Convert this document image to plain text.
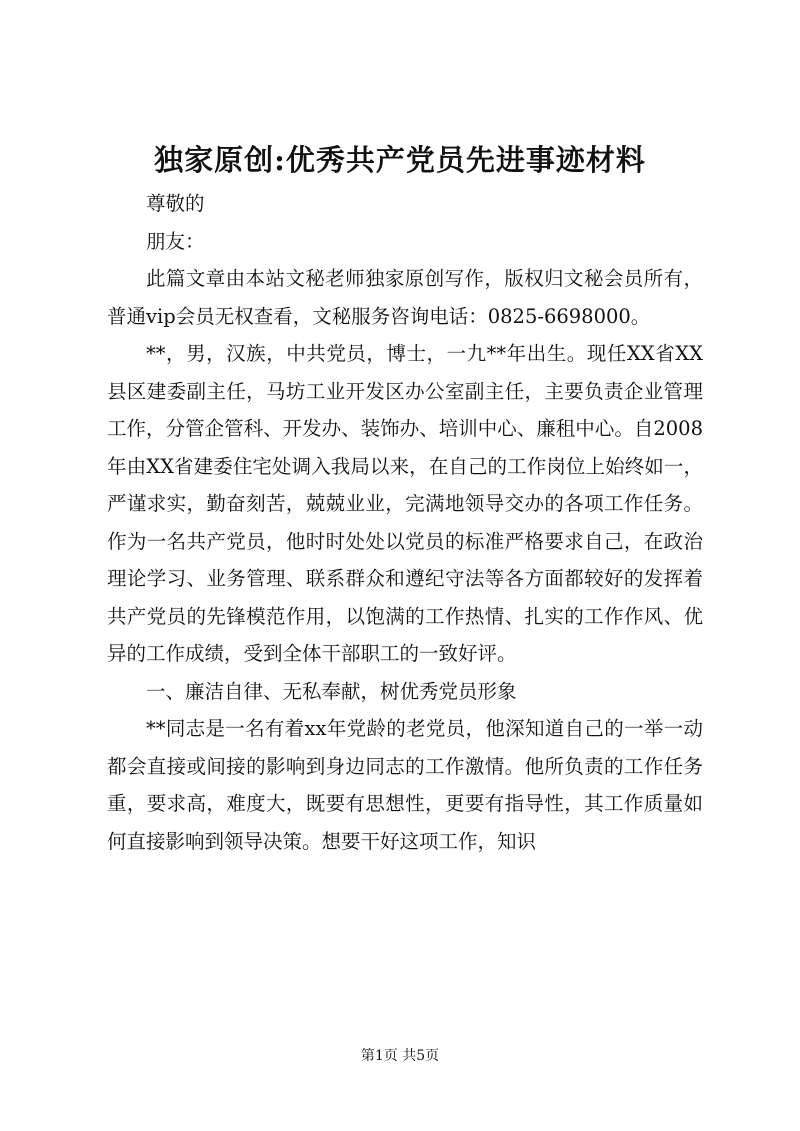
独家原创:优秀共产党员先进事迹材料

尊敬的

朋友：

此篇文章由本站文秘老师独家原创写作，版权归文秘会员所有，普通vip会员无权查看，文秘服务咨询电话：0825-6698000。

**，男，汉族，中共党员，博士，一九**年出生。现任XX省XX县区建委副主任，马坊工业开发区办公室副主任，主要负责企业管理工作，分管企管科、开发办、装饰办、培训中心、廉租中心。自2008年由XX省建委住宅处调入我局以来，在自己的工作岗位上始终如一，严谨求实，勤奋刻苦，兢兢业业，完满地领导交办的各项工作任务。作为一名共产党员，他时时处处以党员的标准严格要求自己，在政治理论学习、业务管理、联系群众和遵纪守法等各方面都较好的发挥着共产党员的先锋模范作用，以饱满的工作热情、扎实的工作作风、优异的工作成绩，受到全体干部职工的一致好评。

一、廉洁自律、无私奉献，树优秀党员形象

**同志是一名有着xx年党龄的老党员，他深知道自己的一举一动都会直接或间接的影响到身边同志的工作激情。他所负责的工作任务重，要求高，难度大，既要有思想性，更要有指导性，其工作质量如何直接影响到领导决策。想要干好这项工作，知识

第1页 共5页
